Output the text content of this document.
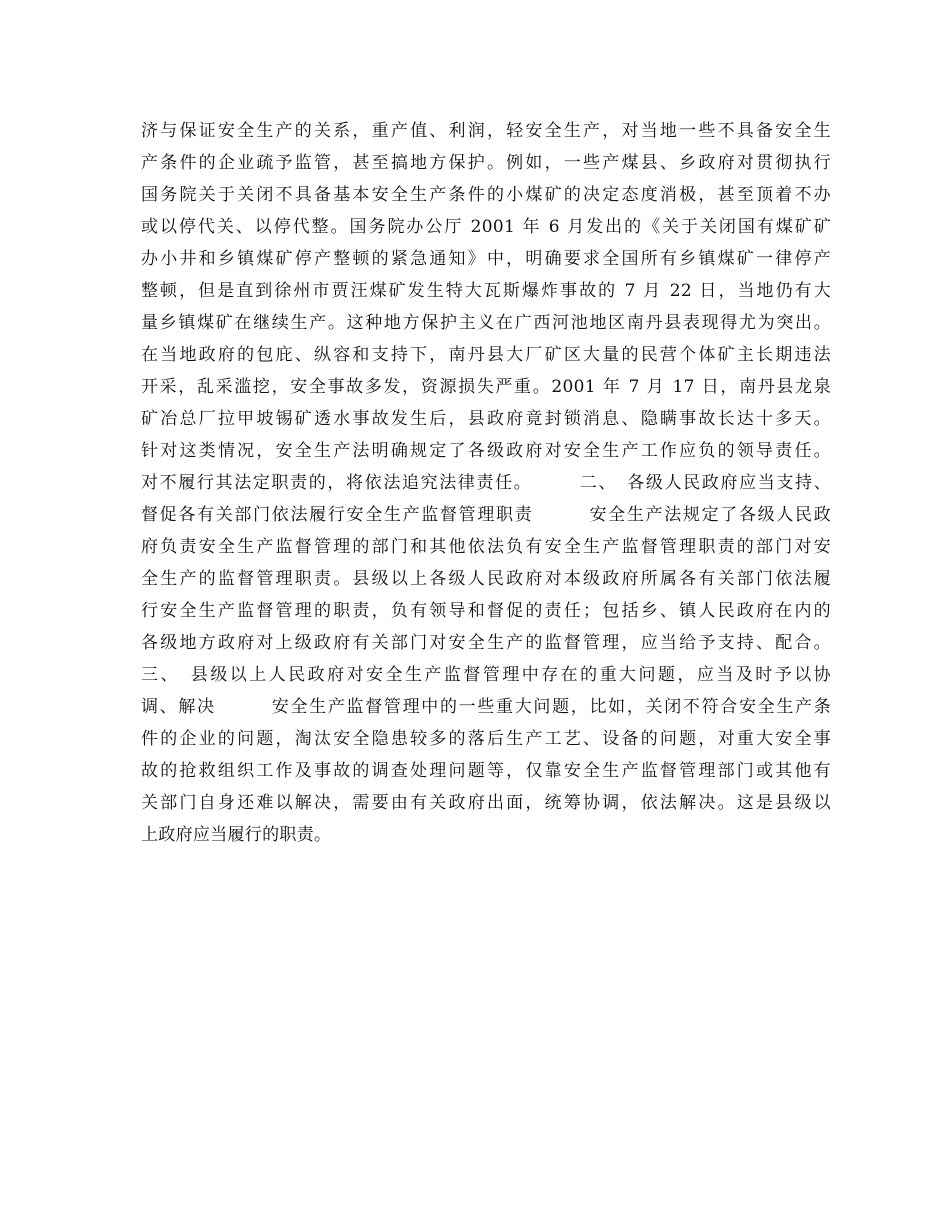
济与保证安全生产的关系，重产值、利润，轻安全生产，对当地一些不具备安全生
产条件的企业疏予监管，甚至搞地方保护。例如，一些产煤县、乡政府对贯彻执行
国务院关于关闭不具备基本安全生产条件的小煤矿的决定态度消极，甚至顶着不办
或以停代关、以停代整。国务院办公厅 2001 年 6 月发出的《关于关闭国有煤矿矿
办小井和乡镇煤矿停产整顿的紧急通知》中，明确要求全国所有乡镇煤矿一律停产
整顿，但是直到徐州市贾汪煤矿发生特大瓦斯爆炸事故的 7 月 22 日，当地仍有大
量乡镇煤矿在继续生产。这种地方保护主义在广西河池地区南丹县表现得尤为突出。
在当地政府的包庇、纵容和支持下，南丹县大厂矿区大量的民营个体矿主长期违法
开采，乱采滥挖，安全事故多发，资源损失严重。2001 年 7 月 17 日，南丹县龙泉
矿冶总厂拉甲坡锡矿透水事故发生后，县政府竟封锁消息、隐瞒事故长达十多天。
针对这类情况，安全生产法明确规定了各级政府对安全生产工作应负的领导责任。
对不履行其法定职责的，将依法追究法律责任。　　　二、　各级人民政府应当支持、
督促各有关部门依法履行安全生产监督管理职责　　　安全生产法规定了各级人民政
府负责安全生产监督管理的部门和其他依法负有安全生产监督管理职责的部门对安
全生产的监督管理职责。县级以上各级人民政府对本级政府所属各有关部门依法履
行安全生产监督管理的职责，负有领导和督促的责任；包括乡、镇人民政府在内的
各级地方政府对上级政府有关部门对安全生产的监督管理，应当给予支持、配合。
三、　县级以上人民政府对安全生产监督管理中存在的重大问题，应当及时予以协
调、解决　　　安全生产监督管理中的一些重大问题，比如，关闭不符合安全生产条
件的企业的问题，淘汰安全隐患较多的落后生产工艺、设备的问题，对重大安全事
故的抢救组织工作及事故的调查处理问题等，仅靠安全生产监督管理部门或其他有
关部门自身还难以解决，需要由有关政府出面，统筹协调，依法解决。这是县级以
上政府应当履行的职责。
